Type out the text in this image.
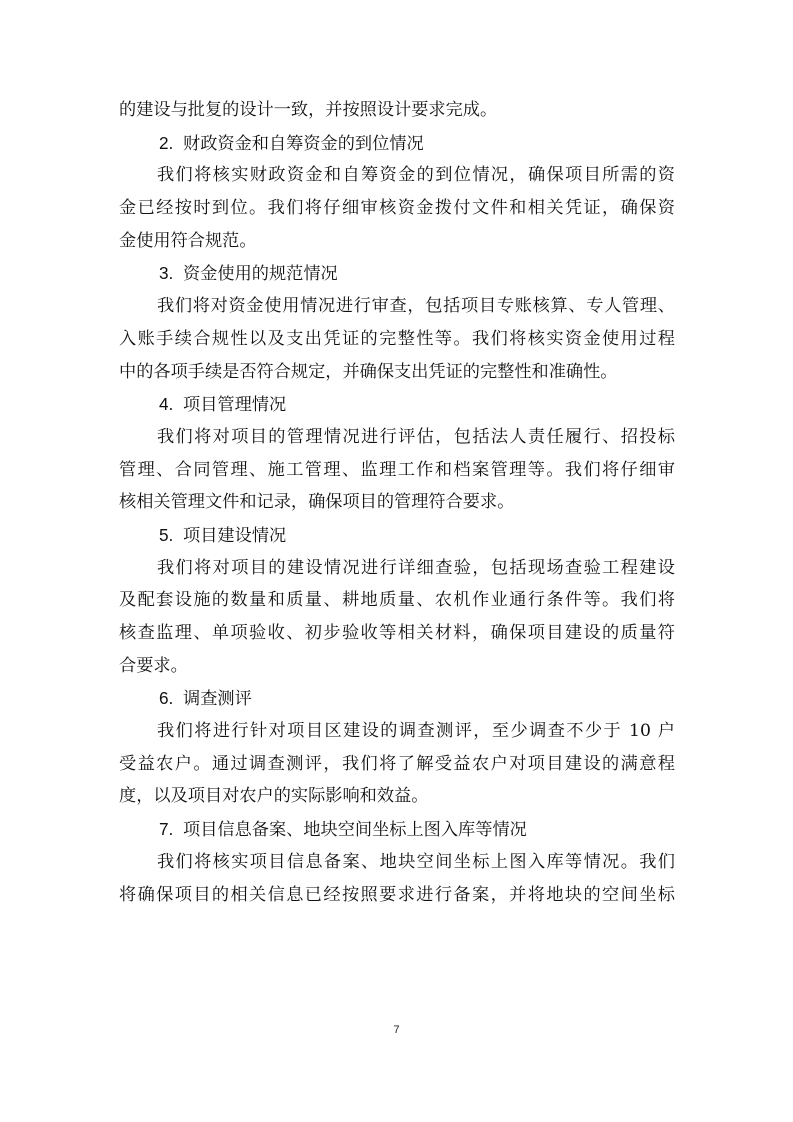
的建设与批复的设计一致，并按照设计要求完成。
2. 财政资金和自筹资金的到位情况
我们将核实财政资金和自筹资金的到位情况，确保项目所需的资
金已经按时到位。我们将仔细审核资金拨付文件和相关凭证，确保资
金使用符合规范。
3. 资金使用的规范情况
我们将对资金使用情况进行审查，包括项目专账核算、专人管理、
入账手续合规性以及支出凭证的完整性等。我们将核实资金使用过程
中的各项手续是否符合规定，并确保支出凭证的完整性和准确性。
4. 项目管理情况
我们将对项目的管理情况进行评估，包括法人责任履行、招投标
管理、合同管理、施工管理、监理工作和档案管理等。我们将仔细审
核相关管理文件和记录，确保项目的管理符合要求。
5. 项目建设情况
我们将对项目的建设情况进行详细查验，包括现场查验工程建设
及配套设施的数量和质量、耕地质量、农机作业通行条件等。我们将
核查监理、单项验收、初步验收等相关材料，确保项目建设的质量符
合要求。
6. 调查测评
我们将进行针对项目区建设的调查测评，至少调查不少于 10 户
受益农户。通过调查测评，我们将了解受益农户对项目建设的满意程
度，以及项目对农户的实际影响和效益。
7. 项目信息备案、地块空间坐标上图入库等情况
我们将核实项目信息备案、地块空间坐标上图入库等情况。我们
将确保项目的相关信息已经按照要求进行备案，并将地块的空间坐标
7
